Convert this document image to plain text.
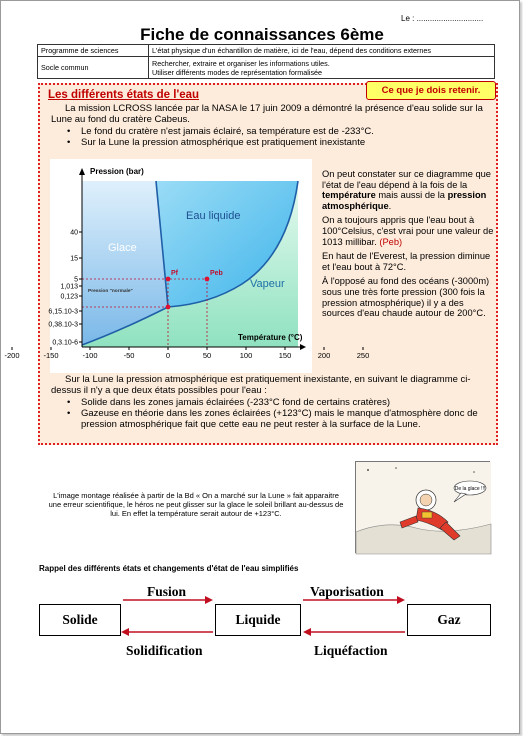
Le : ..............................
Fiche de connaissances 6ème
Programme de sciences	L'état physique d'un échantillon de matière, ici de l'eau, dépend des conditions externes
Socle commun	Rechercher, extraire et organiser les informations utiles.
Utiliser différents modes de représentation formalisée
Ce que je dois retenir.
Les différents états de l'eau
La mission LCROSS lancée par la NASA le 17 juin 2009 a démontré la présence d'eau solide sur la Lune au fond du cratère Cabeus.
• Le fond du cratère n'est jamais éclairé, sa température est de -233°C.
• Sur la Lune la pression atmosphérique est pratiquement inexistante
-200	-150	-100	-50	0	50	100	150	200	250
40
15
5
1,013
0,123
6,15.10-3
0,38.10-3
0,3.10-6
Pf	Peb
Pression (bar)
Température (°C)
Glace
Eau liquide
Vapeur
Pression "normale"

On peut constater sur ce diagramme que l'état de l'eau dépend à la fois de la température mais aussi de la pression atmosphérique.

On a toujours appris que l'eau bout à 100°Celsius, c'est vrai pour une valeur de 1013 millibar. (Peb)

En haut de l'Everest, la pression diminue et l'eau bout à 72°C.

À l'opposé au fond des océans (-3000m) sous une très forte pression (300 fois la pression atmosphérique) il y a des sources d'eau chaude autour de 200°C.

Sur la Lune la pression atmosphérique est pratiquement inexistante, en suivant le diagramme ci-dessus il n'y a que deux états possibles pour l'eau :
• Solide dans les zones jamais éclairées (-233°C fond de certains cratères)
• Gazeuse en théorie dans les zones éclairées (+123°C) mais le manque d'atmosphère donc de pression atmosphérique fait que cette eau ne peut rester à la surface de la Lune.
L'image montage réalisée à partir de la Bd « On a marché sur la Lune » fait apparaitre une erreur scientifique, le héros ne peut glisser sur la glace le soleil brillant au-dessus de lui. En effet la température serait autour de +123°C.
De la glace !!!
Rappel des différents états et changements d'état de l'eau simplifiés
Solide	Liquide	Gaz
Fusion	Vaporisation
Solidification	Liquéfaction
